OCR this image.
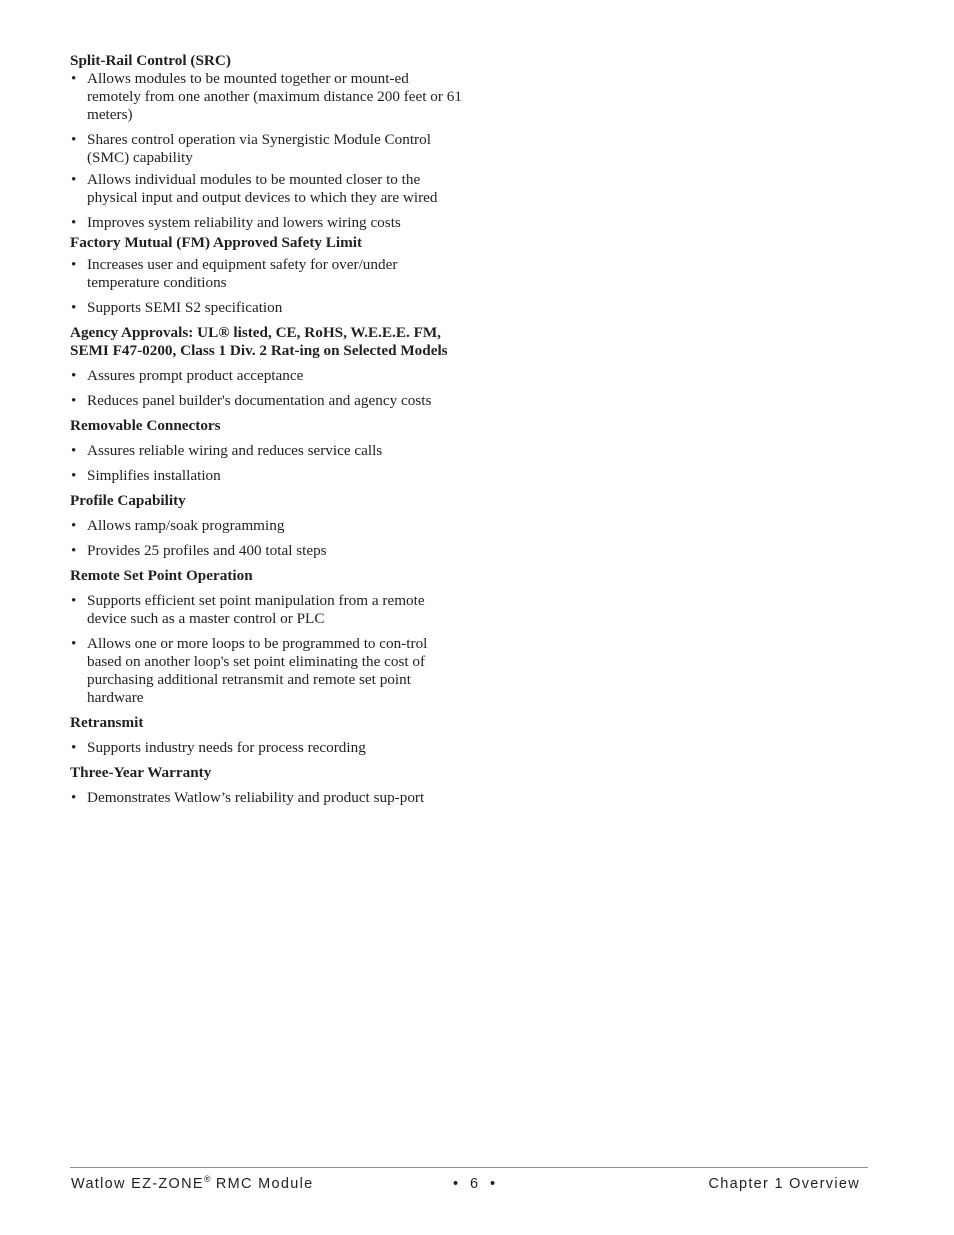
Split-Rail Control (SRC)
• Allows modules to be mounted together or mount-ed remotely from one another (maximum distance 200 feet or 61 meters)
• Shares control operation via Synergistic Module Control (SMC) capability
• Allows individual modules to be mounted closer to the physical input and output devices to which they are wired
• Improves system reliability and lowers wiring costs
Factory Mutual (FM) Approved Safety Limit
• Increases user and equipment safety for over/under temperature conditions
• Supports SEMI S2 specification
Agency Approvals: UL® listed, CE, RoHS, W.E.E.E. FM, SEMI F47-0200, Class 1 Div. 2 Rat-ing on Selected Models
• Assures prompt product acceptance
• Reduces panel builder's documentation and agency costs
Removable Connectors
• Assures reliable wiring and reduces service calls
• Simplifies installation
Profile Capability
• Allows ramp/soak programming
• Provides 25 profiles and 400 total steps
Remote Set Point Operation
• Supports efficient set point manipulation from a remote device such as a master control or PLC
• Allows one or more loops to be programmed to con-trol based on another loop's set point eliminating the cost of purchasing additional retransmit and remote set point hardware
Retransmit
• Supports industry needs for process recording
Three-Year Warranty
• Demonstrates Watlow’s reliability and product sup-port
Watlow EZ-ZONE® RMC Module	•  6  •	Chapter 1 Overview
